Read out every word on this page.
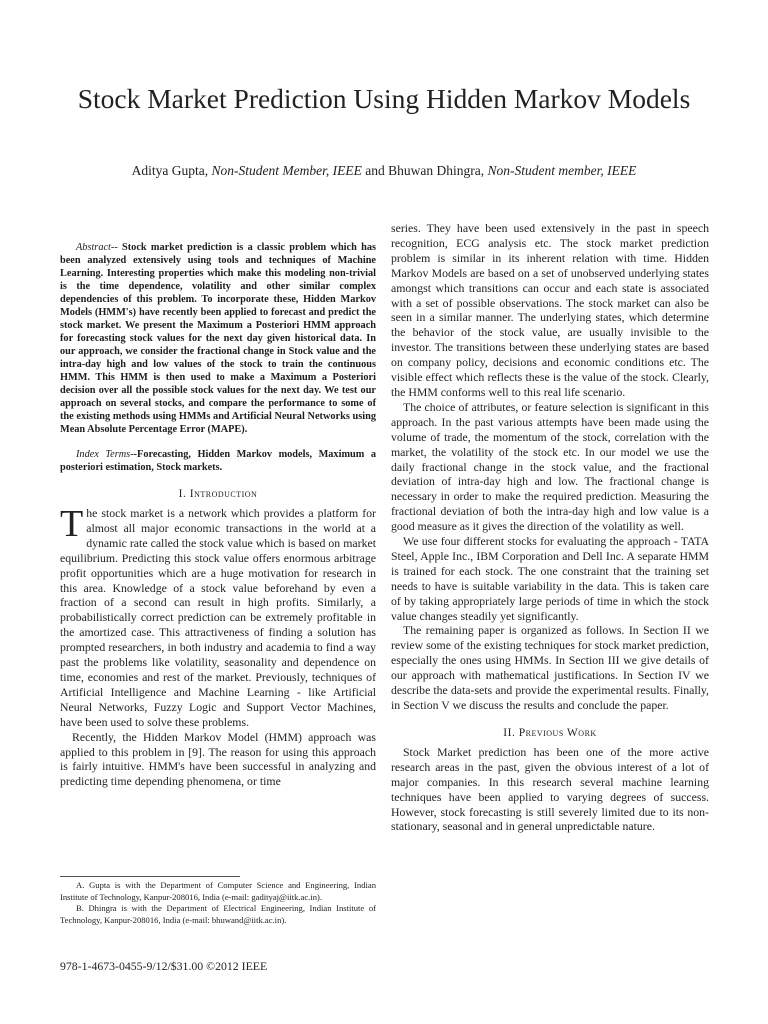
Stock Market Prediction Using Hidden Markov Models
Aditya Gupta, Non-Student Member, IEEE and Bhuwan Dhingra, Non-Student member, IEEE

Abstract-- Stock market prediction is a classic problem which has been analyzed extensively using tools and techniques of Machine Learning. Interesting properties which make this modeling non-trivial is the time dependence, volatility and other similar complex dependencies of this problem. To incorporate these, Hidden Markov Models (HMM's) have recently been applied to forecast and predict the stock market. We present the Maximum a Posteriori HMM approach for forecasting stock values for the next day given historical data. In our approach, we consider the fractional change in Stock value and the intra-day high and low values of the stock to train the continuous HMM. This HMM is then used to make a Maximum a Posteriori decision over all the possible stock values for the next day. We test our approach on several stocks, and compare the performance to some of the existing methods using HMMs and Artificial Neural Networks using Mean Absolute Percentage Error (MAPE).

Index Terms--Forecasting, Hidden Markov models, Maximum a posteriori estimation, Stock markets.

I. Introduction

The stock market is a network which provides a platform for almost all major economic transactions in the world at a dynamic rate called the stock value which is based on market equilibrium. Predicting this stock value offers enormous arbitrage profit opportunities which are a huge motivation for research in this area. Knowledge of a stock value beforehand by even a fraction of a second can result in high profits. Similarly, a probabilistically correct prediction can be extremely profitable in the amortized case. This attractiveness of finding a solution has prompted researchers, in both industry and academia to find a way past the problems like volatility, seasonality and dependence on time, economies and rest of the market. Previously, techniques of Artificial Intelligence and Machine Learning - like Artificial Neural Networks, Fuzzy Logic and Support Vector Machines, have been used to solve these problems.

Recently, the Hidden Markov Model (HMM) approach was applied to this problem in [9]. The reason for using this approach is fairly intuitive. HMM's have been successful in analyzing and predicting time depending phenomena, or time

series. They have been used extensively in the past in speech recognition, ECG analysis etc. The stock market prediction problem is similar in its inherent relation with time. Hidden Markov Models are based on a set of unobserved underlying states amongst which transitions can occur and each state is associated with a set of possible observations. The stock market can also be seen in a similar manner. The underlying states, which determine the behavior of the stock value, are usually invisible to the investor. The transitions between these underlying states are based on company policy, decisions and economic conditions etc. The visible effect which reflects these is the value of the stock. Clearly, the HMM conforms well to this real life scenario.

The choice of attributes, or feature selection is significant in this approach. In the past various attempts have been made using the volume of trade, the momentum of the stock, correlation with the market, the volatility of the stock etc. In our model we use the daily fractional change in the stock value, and the fractional deviation of intra-day high and low. The fractional change is necessary in order to make the required prediction. Measuring the fractional deviation of both the intra-day high and low value is a good measure as it gives the direction of the volatility as well.

We use four different stocks for evaluating the approach - TATA Steel, Apple Inc., IBM Corporation and Dell Inc. A separate HMM is trained for each stock. The one constraint that the training set needs to have is suitable variability in the data. This is taken care of by taking appropriately large periods of time in which the stock value changes steadily yet significantly.

The remaining paper is organized as follows. In Section II we review some of the existing techniques for stock market prediction, especially the ones using HMMs. In Section III we give details of our approach with mathematical justifications. In Section IV we describe the data-sets and provide the experimental results. Finally, in Section V we discuss the results and conclude the paper.

II. Previous Work

Stock Market prediction has been one of the more active research areas in the past, given the obvious interest of a lot of major companies. In this research several machine learning techniques have been applied to varying degrees of success. However, stock forecasting is still severely limited due to its non-stationary, seasonal and in general unpredictable nature.

A. Gupta is with the Department of Computer Science and Engineering, Indian Institute of Technology, Kanpur-208016, India (e-mail: gadityaj@iitk.ac.in).

B. Dhingra is with the Department of Electrical Engineering, Indian Institute of Technology, Kanpur-208016, India (e-mail: bhuwand@iitk.ac.in).

978-1-4673-0455-9/12/$31.00 ©2012 IEEE
